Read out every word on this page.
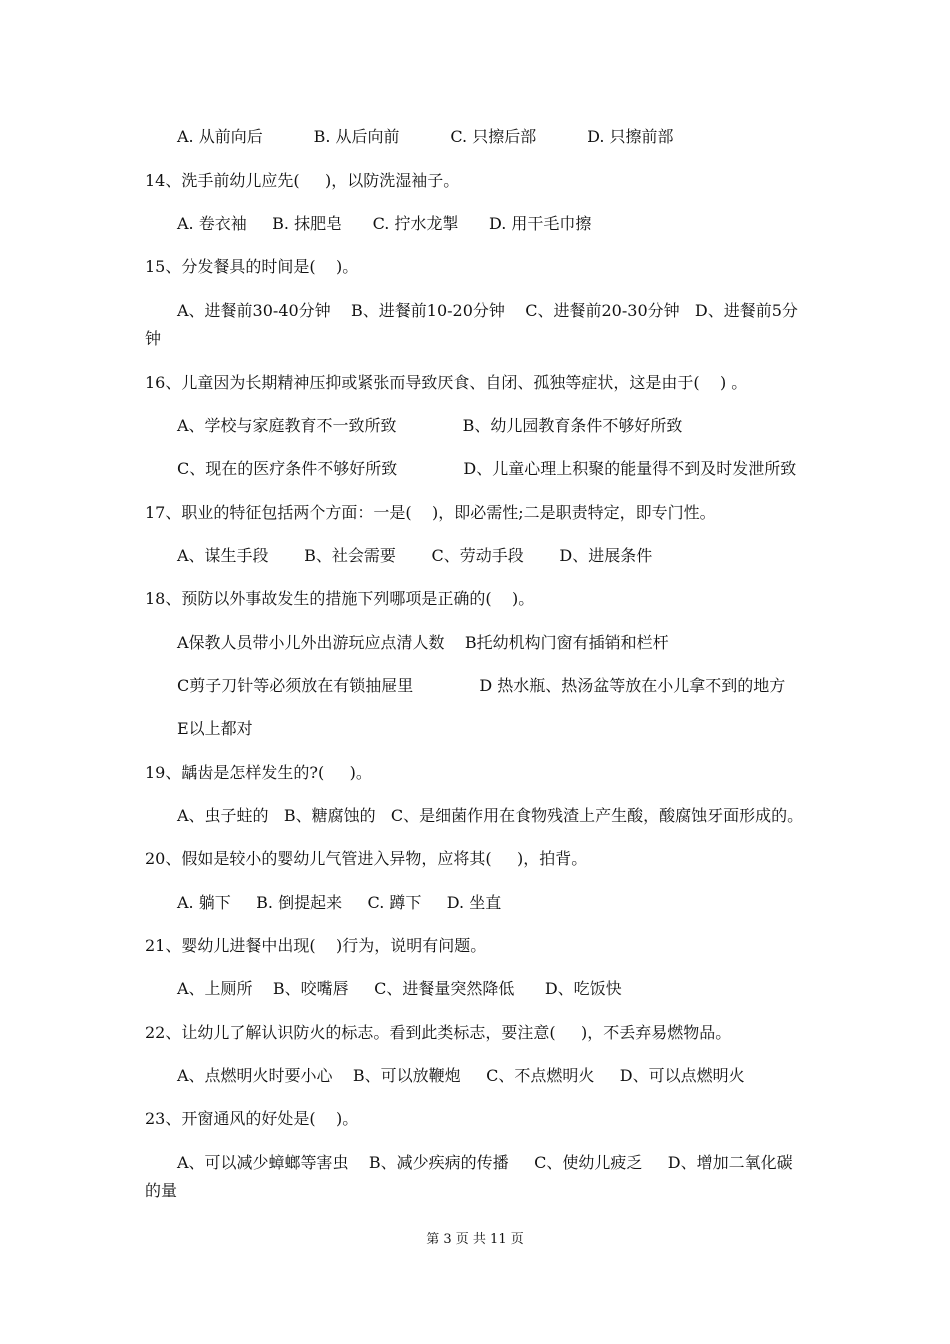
A. 从前向后          B. 从后向前          C. 只擦后部          D. 只擦前部
14、洗手前幼儿应先(     )，以防洗湿袖子。
A. 卷衣袖     B. 抹肥皂      C. 拧水龙掣      D. 用干毛巾擦
15、分发餐具的时间是(    )。
A、进餐前30-40分钟    B、进餐前10-20分钟    C、进餐前20-30分钟   D、进餐前5分
钟
16、儿童因为长期精神压抑或紧张而导致厌食、自闭、孤独等症状，这是由于(    ) 。
A、学校与家庭教育不一致所致             B、幼儿园教育条件不够好所致
C、现在的医疗条件不够好所致             D、儿童心理上积聚的能量得不到及时发泄所致
17、职业的特征包括两个方面：一是(    )，即必需性;二是职责特定，即专门性。
A、谋生手段       B、社会需要       C、劳动手段       D、进展条件
18、预防以外事故发生的措施下列哪项是正确的(    )。
A保教人员带小儿外出游玩应点清人数    B托幼机构门窗有插销和栏杆
C剪子刀针等必须放在有锁抽屉里             D 热水瓶、热汤盆等放在小儿拿不到的地方
E以上都对
19、龋齿是怎样发生的?(     )。
A、虫子蛀的   B、糖腐蚀的   C、是细菌作用在食物残渣上产生酸，酸腐蚀牙面形成的。
20、假如是较小的婴幼儿气管进入异物，应将其(     )，拍背。
A. 躺下     B. 倒提起来     C. 蹲下     D. 坐直
21、婴幼儿进餐中出现(    )行为，说明有问题。
A、上厕所    B、咬嘴唇     C、进餐量突然降低      D、吃饭快
22、让幼儿了解认识防火的标志。看到此类标志，要注意(     )，不丢弃易燃物品。
A、点燃明火时要小心    B、可以放鞭炮     C、不点燃明火     D、可以点燃明火
23、开窗通风的好处是(    )。
A、可以减少蟑螂等害虫    B、减少疾病的传播     C、使幼儿疲乏     D、增加二氧化碳
的量
第 3 页 共 11 页
